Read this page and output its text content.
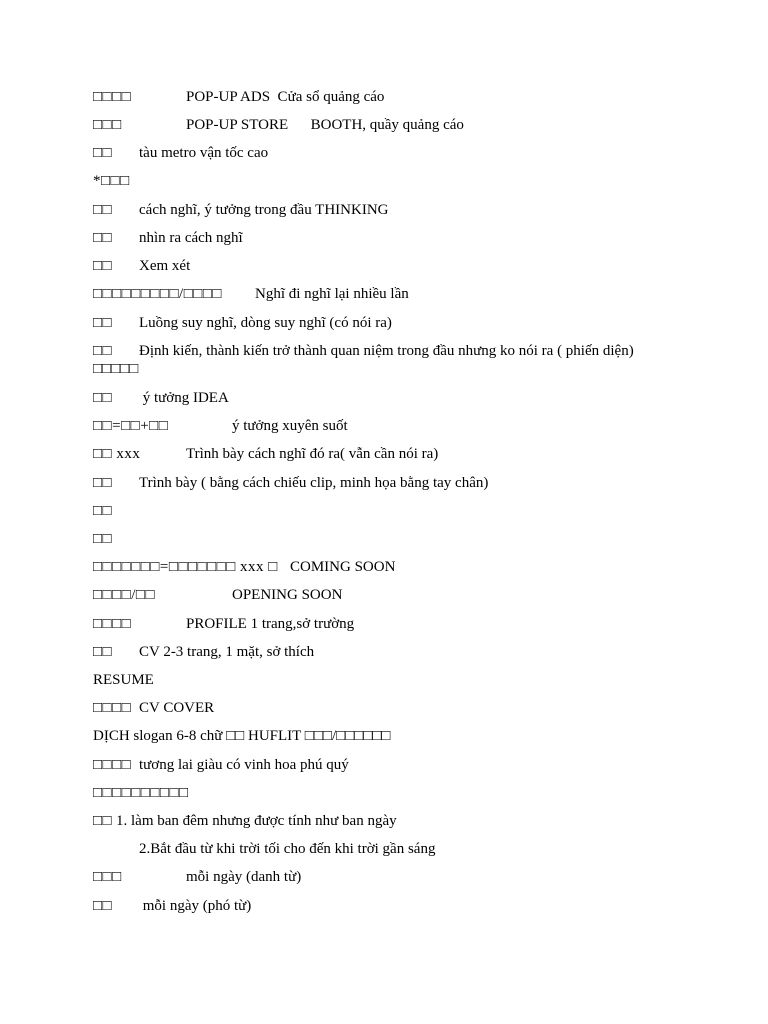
□□□□	POP-UP ADS  Cửa sổ quảng cáo
□□□	POP-UP STORE      BOOTH, quầy quảng cáo
□□ tàu metro vận tốc cao
*□□□
□□ cách nghĩ, ý tưởng trong đầu THINKING
□□ nhìn ra cách nghĩ
□□ Xem xét
□□□□□□□□□/□□□□ Nghĩ đi nghĩ lại nhiều lần
□□ Luồng suy nghĩ, dòng suy nghĩ (có nói ra)
□□	Định kiến, thành kiến trở thành quan niệm trong đầu nhưng ko nói ra ( phiến diện) □□□□□
□□ ý tưởng IDEA
□□=□□+□□	ý tưởng xuyên suốt
□□ xxx	Trình bày cách nghĩ đó ra( vẫn cần nói ra)
□□ Trình bày ( bằng cách chiếu clip, minh họa bằng tay chân)
□□
□□
□□□□□□□=□□□□□□□ xxx □ COMING SOON
□□□□/□□	OPENING SOON
□□□□	PROFILE 1 trang,sở trường
□□ CV 2-3 trang, 1 mặt, sở thích
RESUME
□□□□ CV COVER
DỊCH slogan 6-8 chữ □□ HUFLIT □□□/□□□□□□
□□□□ tương lai giàu có vinh hoa phú quý
□□□□□□□□□□
□□ 1. làm ban đêm nhưng được tính như ban ngày
2.Bắt đầu từ khi trời tối cho đến khi trời gần sáng
□□□	mỗi ngày (danh từ)
□□ mỗi ngày (phó từ)
